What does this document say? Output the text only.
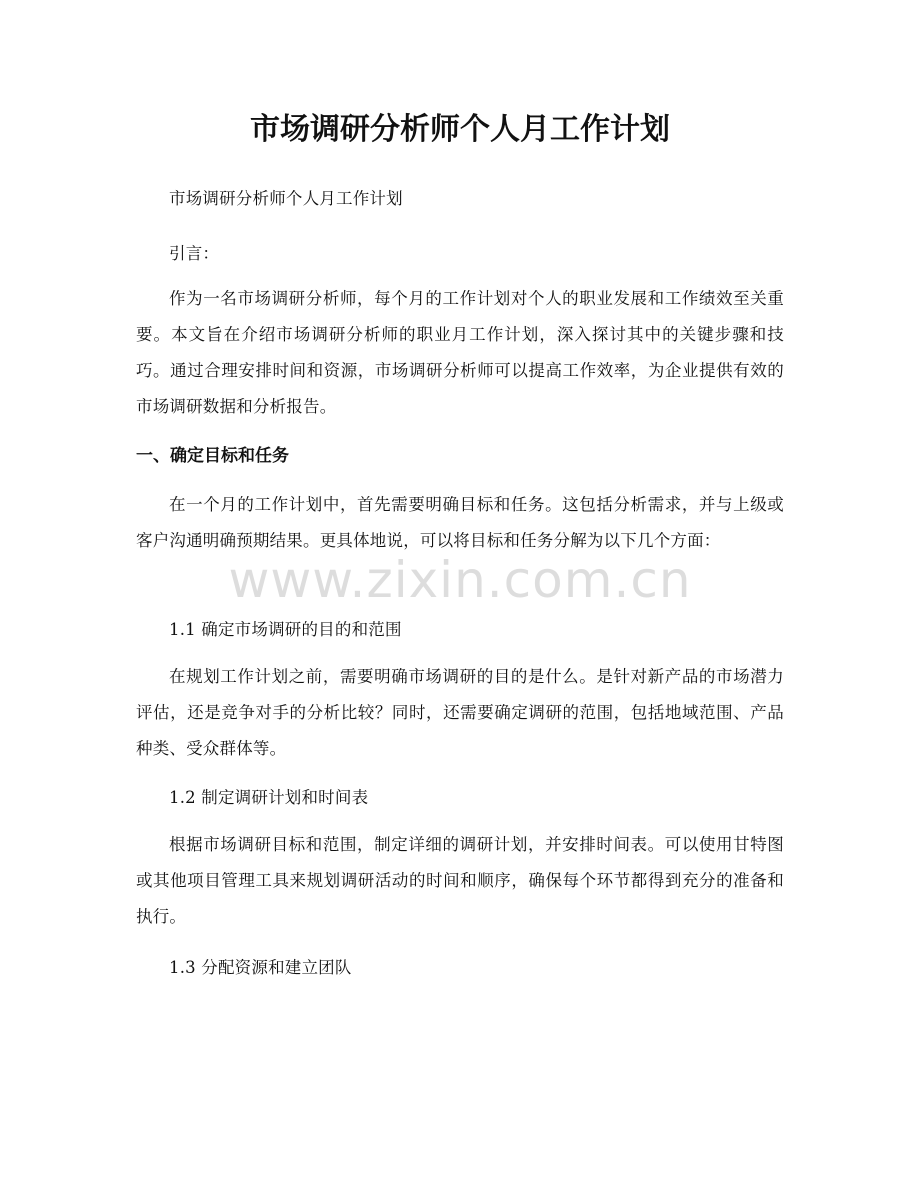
市场调研分析师个人月工作计划

市场调研分析师个人月工作计划

引言：

作为一名市场调研分析师，每个月的工作计划对个人的职业发展和工作绩效至关重要。本文旨在介绍市场调研分析师的职业月工作计划，深入探讨其中的关键步骤和技巧。通过合理安排时间和资源，市场调研分析师可以提高工作效率，为企业提供有效的市场调研数据和分析报告。

一、确定目标和任务

在一个月的工作计划中，首先需要明确目标和任务。这包括分析需求，并与上级或客户沟通明确预期结果。更具体地说，可以将目标和任务分解为以下几个方面：

1.1 确定市场调研的目的和范围

在规划工作计划之前，需要明确市场调研的目的是什么。是针对新产品的市场潜力评估，还是竞争对手的分析比较？同时，还需要确定调研的范围，包括地域范围、产品种类、受众群体等。

1.2 制定调研计划和时间表

根据市场调研目标和范围，制定详细的调研计划，并安排时间表。可以使用甘特图或其他项目管理工具来规划调研活动的时间和顺序，确保每个环节都得到充分的准备和执行。

1.3 分配资源和建立团队

www.zixin.com.cn
